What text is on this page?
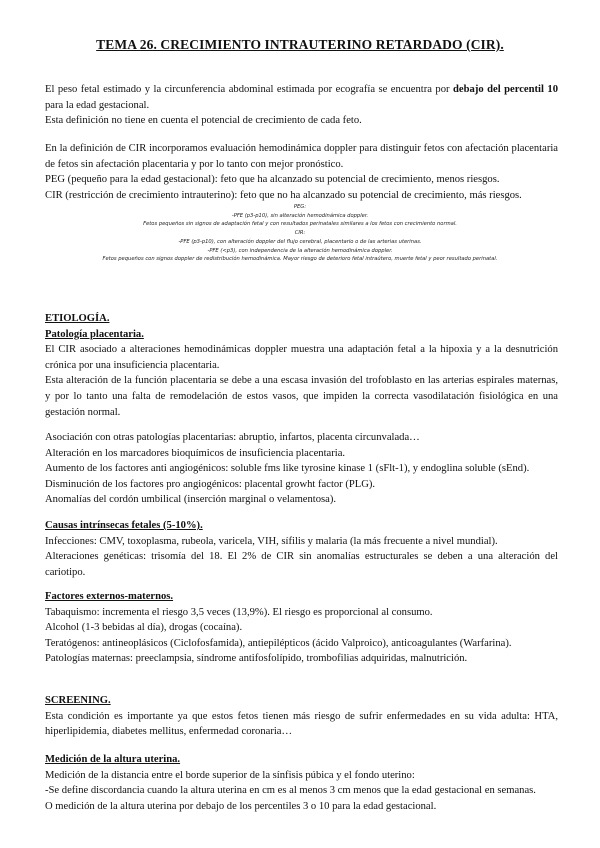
TEMA 26. CRECIMIENTO INTRAUTERINO RETARDADO (CIR).

El peso fetal estimado y la circunferencia abdominal estimada por ecografía se encuentra por debajo del percentil 10 para la edad gestacional.

Esta definición no tiene en cuenta el potencial de crecimiento de cada feto.

En la definición de CIR incorporamos evaluación hemodinámica doppler para distinguir fetos con afectación placentaria de fetos sin afectación placentaria y por lo tanto con mejor pronóstico.

PEG (pequeño para la edad gestacional): feto que ha alcanzado su potencial de crecimiento, menos riesgos.

CIR (restricción de crecimiento intrauterino): feto que no ha alcanzado su potencial de crecimiento, más riesgos.

PEG:

-PFE (p3-p10), sin alteración hemodinámica doppler.

Fetos pequeños sin signos de adaptación fetal y con resultados perinatales similares a los fetos con crecimiento normal.

CIR:

-PFE (p3-p10), con alteración doppler del flujo cerebral, placentario o de las arterias uterinas.

-PFE (<p3), con independencia de la alteración hemodinámica doppler.

Fetos pequeños con signos doppler de redistribución hemodinámica. Mayor riesgo de deterioro fetal intraútero, muerte fetal y peor resultado perinatal.

ETIOLOGÍA.

Patología placentaria.

El CIR asociado a alteraciones hemodinámicas doppler muestra una adaptación fetal a la hipoxia y a la desnutrición crónica por una insuficiencia placentaria.

Esta alteración de la función placentaria se debe a una escasa invasión del trofoblasto en las arterias espirales maternas, y por lo tanto una falta de remodelación de estos vasos, que impiden la correcta vasodilatación fisiológica en una gestación normal.

Asociación con otras patologías placentarias: abruptio, infartos, placenta circunvalada…

Alteración en los marcadores bioquímicos de insuficiencia placentaria.

Aumento de los factores anti angiogénicos: soluble fms like tyrosine kinase 1 (sFlt-1), y endoglina soluble (sEnd).

Disminución de los factores pro angiogénicos: placental growht factor (PLG).

Anomalías del cordón umbilical (inserción marginal o velamentosa).

Causas intrínsecas fetales (5-10%).

Infecciones: CMV, toxoplasma, rubeola, varicela, VIH, sífilis y malaria (la más frecuente a nivel mundial).

Alteraciones genéticas: trisomía del 18. El 2% de CIR sin anomalías estructurales se deben a una alteración del cariotipo.

Factores externos-maternos.

Tabaquismo: incrementa el riesgo 3,5 veces (13,9%). El riesgo es proporcional al consumo.

Alcohol (1-3 bebidas al día), drogas (cocaína).

Teratógenos: antineoplásicos (Ciclofosfamida), antiepilépticos (ácido Valproico), anticoagulantes (Warfarina).

Patologías maternas: preeclampsia, síndrome antifosfolípido, trombofilias adquiridas, malnutrición.

SCREENING.

Esta condición es importante ya que estos fetos tienen más riesgo de sufrir enfermedades en su vida adulta: HTA, hiperlipidemia, diabetes mellitus, enfermedad coronaria…

Medición de la altura uterina.

Medición de la distancia entre el borde superior de la sínfisis púbica y el fondo uterino:

-Se define discordancia cuando la altura uterina en cm es al menos 3 cm menos que la edad gestacional en semanas.

O medición de la altura uterina por debajo de los percentiles 3 o 10 para la edad gestacional.
